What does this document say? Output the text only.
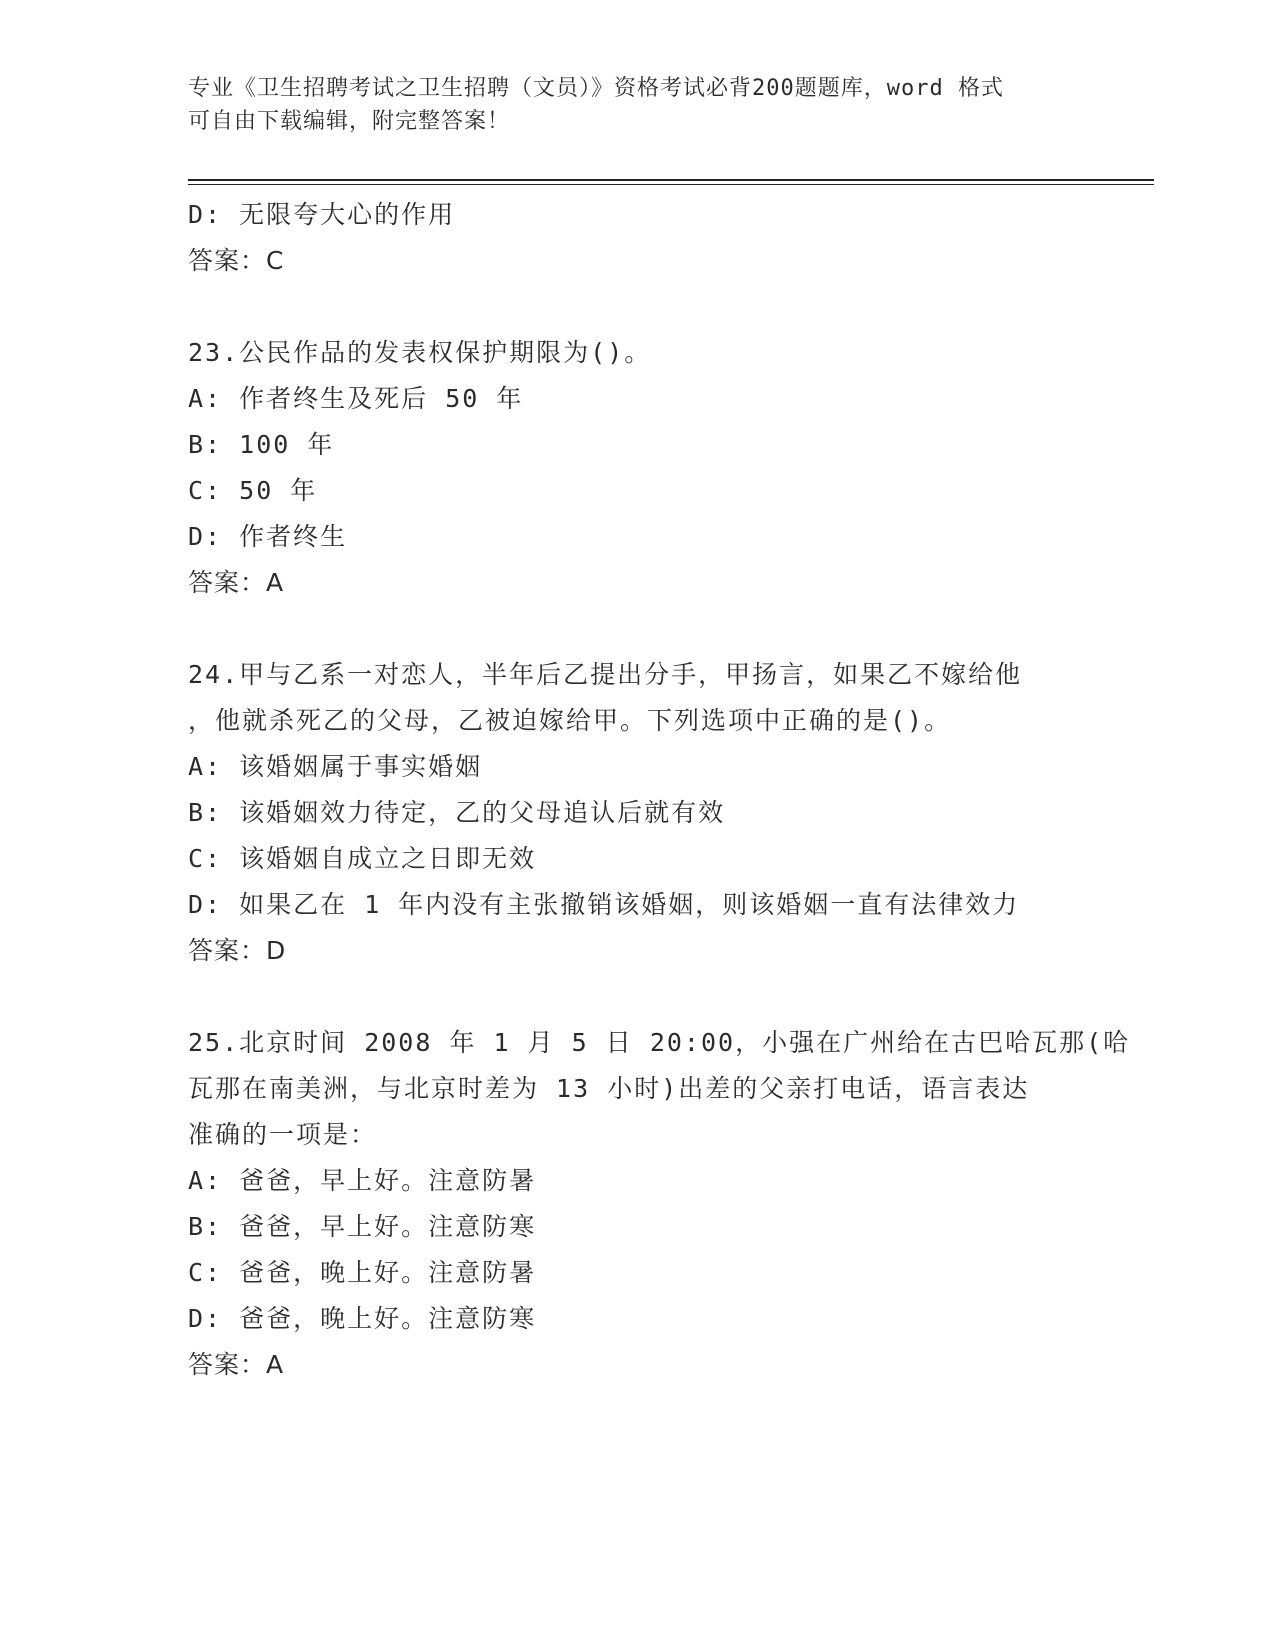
专业《卫生招聘考试之卫生招聘（文员）》资格考试必背200题题库，word 格式
可自由下载编辑，附完整答案！
D: 无限夸大心的作用
答案：C
23.公民作品的发表权保护期限为()。
A: 作者终生及死后 50 年
B: 100 年
C: 50 年
D: 作者终生
答案：A
24.甲与乙系一对恋人，半年后乙提出分手，甲扬言，如果乙不嫁给他
，他就杀死乙的父母，乙被迫嫁给甲。下列选项中正确的是()。
A: 该婚姻属于事实婚姻
B: 该婚姻效力待定，乙的父母追认后就有效
C: 该婚姻自成立之日即无效
D: 如果乙在 1 年内没有主张撤销该婚姻，则该婚姻一直有法律效力
答案：D
25.北京时间 2008 年 1 月 5 日 20:00，小强在广州给在古巴哈瓦那(哈
瓦那在南美洲，与北京时差为 13 小时)出差的父亲打电话，语言表达
准确的一项是：
A: 爸爸，早上好。注意防暑
B: 爸爸，早上好。注意防寒
C: 爸爸，晚上好。注意防暑
D: 爸爸，晚上好。注意防寒
答案：A
